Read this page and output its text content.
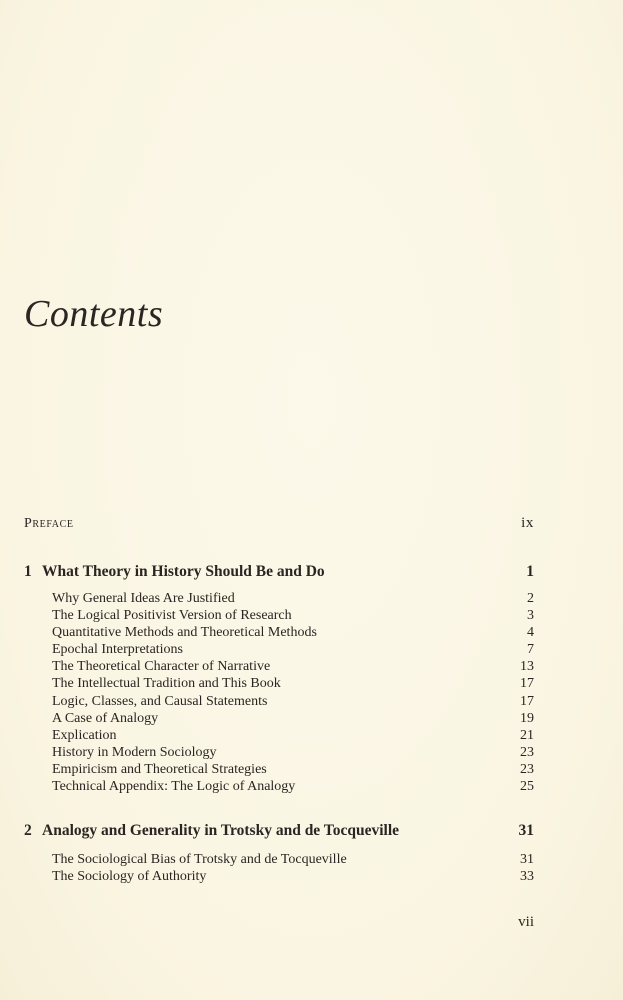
Contents
Preface	ix
1 What Theory in History Should Be and Do	1
Why General Ideas Are Justified	2
The Logical Positivist Version of Research	3
Quantitative Methods and Theoretical Methods	4
Epochal Interpretations	7
The Theoretical Character of Narrative	13
The Intellectual Tradition and This Book	17
Logic, Classes, and Causal Statements	17
A Case of Analogy	19
Explication	21
History in Modern Sociology	23
Empiricism and Theoretical Strategies	23
Technical Appendix: The Logic of Analogy	25
2 Analogy and Generality in Trotsky and de Tocqueville	31
The Sociological Bias of Trotsky and de Tocqueville	31
The Sociology of Authority	33
vii
